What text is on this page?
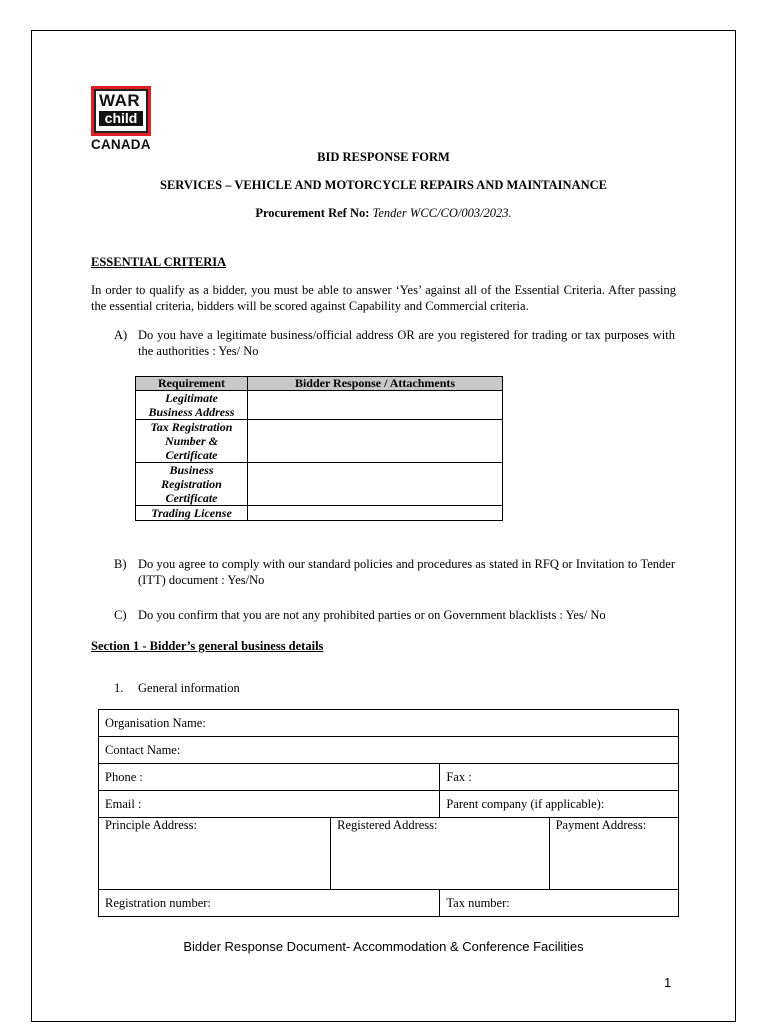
WAR
child
CANADA
BID RESPONSE FORM
SERVICES – VEHICLE AND MOTORCYCLE REPAIRS AND MAINTAINANCE
Procurement Ref No: Tender WCC/CO/003/2023.
ESSENTIAL CRITERIA
In order to qualify as a bidder, you must be able to answer ‘Yes’ against all of the Essential Criteria. After passing the essential criteria, bidders will be scored against Capability and Commercial criteria.
A) Do you have a legitimate business/official address OR are you registered for trading or tax purposes with the authorities : Yes/ No
Requirement	Bidder Response / Attachments

Legitimate
Business Address	

Tax Registration
Number &
Certificate	

Business
Registration
Certificate	

Trading License	

B) Do you agree to comply with our standard policies and procedures as stated in RFQ or Invitation to Tender (ITT) document : Yes/No
C) Do you confirm that you are not any prohibited parties or on Government blacklists : Yes/ No
Section 1 - Bidder’s general business details
1. General information
Organisation Name:			
Contact Name:			
Phone :		Fax :	
Email :		Parent company (if applicable):	
Principle Address:	Registered Address:		Payment Address:
Registration number:		Tax number:	
Bidder Response Document- Accommodation & Conference Facilities
1
